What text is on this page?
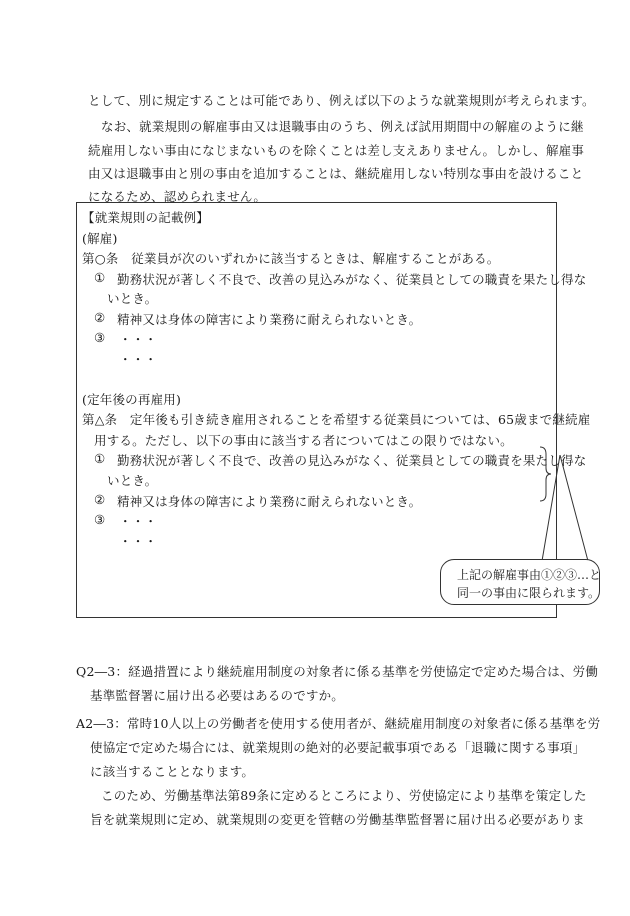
として、別に規定することは可能であり、例えば以下のような就業規則が考えられます。
なお、就業規則の解雇事由又は退職事由のうち、例えば試用期間中の解雇のように継
続雇用しない事由になじまないものを除くことは差し支えありません。しかし、解雇事
由又は退職事由と別の事由を追加することは、継続雇用しない特別な事由を設けること
になるため、認められません。
【就業規則の記載例】
(解雇)
第○条　従業員が次のいずれかに該当するときは、解雇することがある。
① 勤務状況が著しく不良で、改善の見込みがなく、従業員としての職責を果たし得な
いとき。
② 精神又は身体の障害により業務に耐えられないとき。
③ ・・・
・・・
(定年後の再雇用)
第△条　定年後も引き続き雇用されることを希望する従業員については、65歳まで継続雇
用する。ただし、以下の事由に該当する者についてはこの限りではない。
① 勤務状況が著しく不良で、改善の見込みがなく、従業員としての職責を果たし得な
いとき。
② 精神又は身体の障害により業務に耐えられないとき。
③ ・・・
・・・
上記の解雇事由①②③…と
同一の事由に限られます。
Q2―3：経過措置により継続雇用制度の対象者に係る基準を労使協定で定めた場合は、労働
基準監督署に届け出る必要はあるのですか。
A2―3：常時10人以上の労働者を使用する使用者が、継続雇用制度の対象者に係る基準を労
使協定で定めた場合には、就業規則の絶対的必要記載事項である「退職に関する事項」
に該当することとなります。
このため、労働基準法第89条に定めるところにより、労使協定により基準を策定した
旨を就業規則に定め、就業規則の変更を管轄の労働基準監督署に届け出る必要がありま
